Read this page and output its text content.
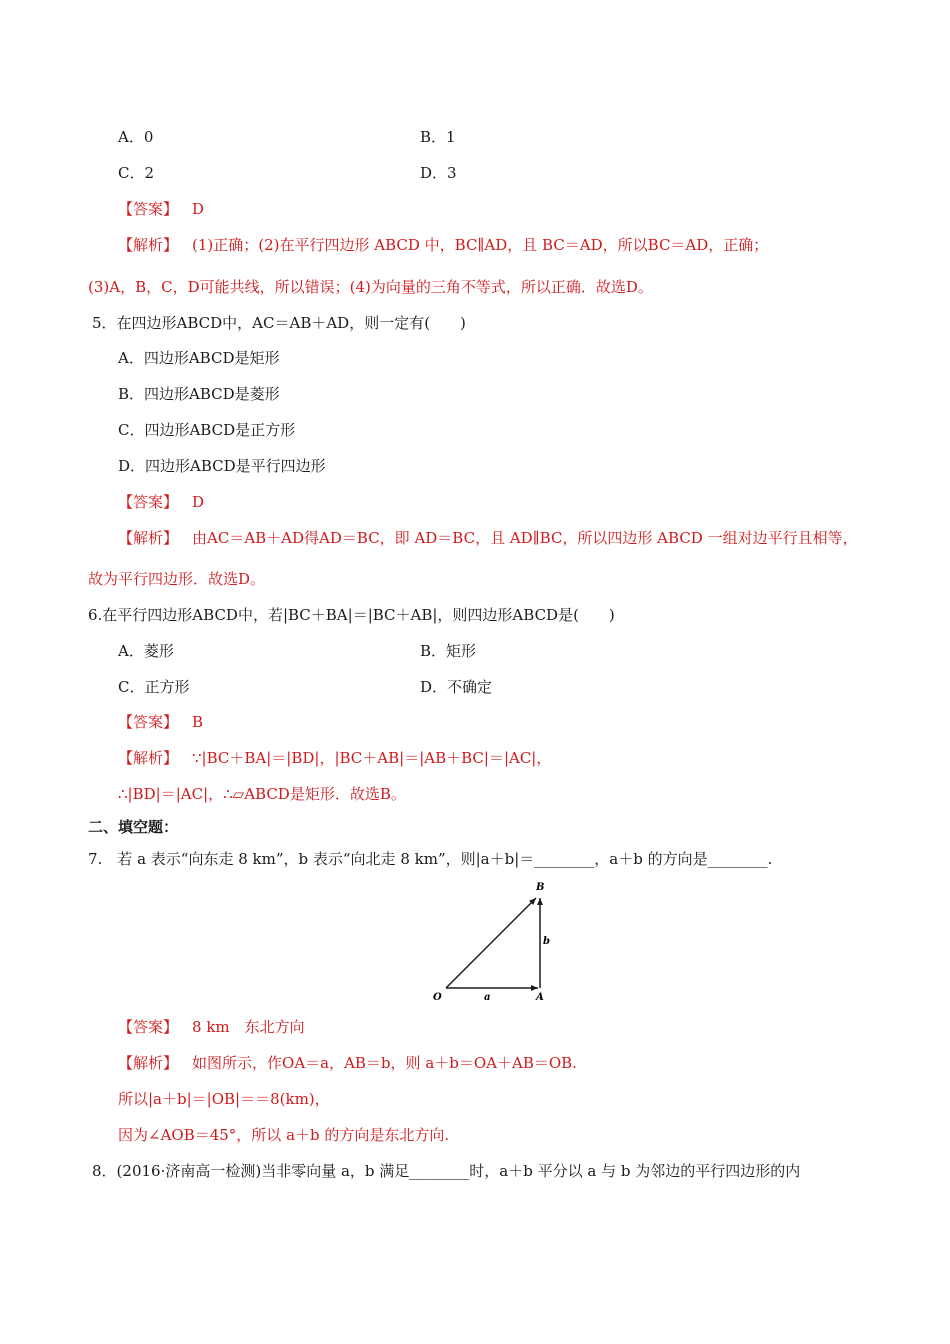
A．0	B．1
C．2	D．3
【答案】 D
【解析】 (1)正确；(2)在平行四边形 ABCD 中，BC∥AD，且 BC＝AD，所以BC＝AD，正确；
(3)A，B，C，D可能共线，所以错误；(4)为向量的三角不等式，所以正确．故选D。
5．在四边形ABCD中，AC＝AB＋AD，则一定有(　　)
A．四边形ABCD是矩形
B．四边形ABCD是菱形
C．四边形ABCD是正方形
D．四边形ABCD是平行四边形
【答案】 D
【解析】 由AC＝AB＋AD得AD＝BC，即 AD＝BC，且 AD∥BC，所以四边形 ABCD 一组对边平行且相等，
故为平行四边形．故选D。
6.在平行四边形ABCD中，若|BC＋BA|＝|BC＋AB|，则四边形ABCD是(　　)
A．菱形	B．矩形
C．正方形	D．不确定
【答案】 B
【解析】 ∵|BC＋BA|＝|BD|，|BC＋AB|＝|AB＋BC|＝|AC|，
∴|BD|＝|AC|，∴▱ABCD是矩形．故选B。
二、填空题：
7.　若 a 表示“向东走 8 km”，b 表示“向北走 8 km”，则|a＋b|＝________，a＋b 的方向是________.
O	A
B
a
b
【答案】 8 km　东北方向
【解析】 如图所示，作OA＝a，AB＝b，则 a＋b＝OA＋AB＝OB.
所以|a＋b|＝|OB|＝＝8(km)，
因为∠AOB＝45°，所以 a＋b 的方向是东北方向.
8．(2016·济南高一检测)当非零向量 a，b 满足________时，a＋b 平分以 a 与 b 为邻边的平行四边形的内
